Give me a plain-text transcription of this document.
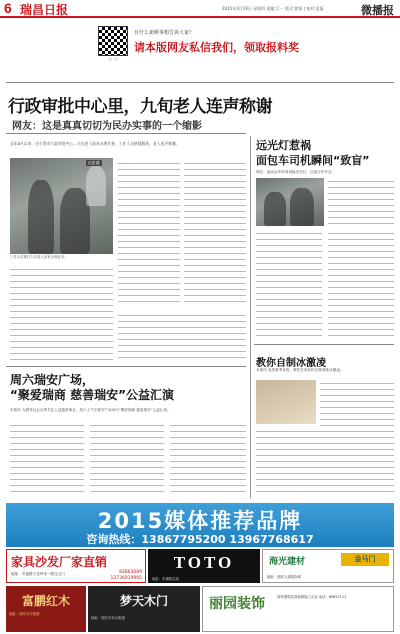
6 瑞昌日报	2015年3月19日 星期四 责编:江一 版式:徐菊 | 校对:范磊	微播报
扫一扫
有什么新鲜事想告诉大家？
请本版网友私信我们，领取报料奖
行政审批中心里，九旬老人连声称谢
网友：这是真真切切为民办实事的一个缩影
去年8月以来，由于我市行政审批中心…九旬老人前来办理业务，工作人员热情服务，老人连声称谢。
记者 摄
工作人员搀扶九旬老人前来办理业务。
周六瑞安广场，
“聚爱瑞商 慈善瑞安”公益汇演
本报讯 为倡导社会各界关注公益慈善事业，周六上午在瑞安广场举行“聚爱瑞商 慈善瑞安”公益汇演。
远光灯惹祸
面包车司机瞬间“致盲”
网友：夜间会车时请切换近光灯，注意行车安全。
教你自制冰激凌
本报讯 炎热夏季来临，教你在家轻松自制美味冰激凌。
2015媒体推荐品牌
咨询热线：13867795200 13967768617
家具沙发厂家直销
地址：安福路与龙坪寺一路交叉口	82863089
13736919995
TOTO
地址：东湖路沿线
海光建材	金马门
地址：瑞祥大道装饰城
富鹏红木
地址：瑞安市安阳镇
梦天木门
地址：瑞安市东山街道
丽园装饰	国家建筑装饰装修施工企业 电话：65857111
